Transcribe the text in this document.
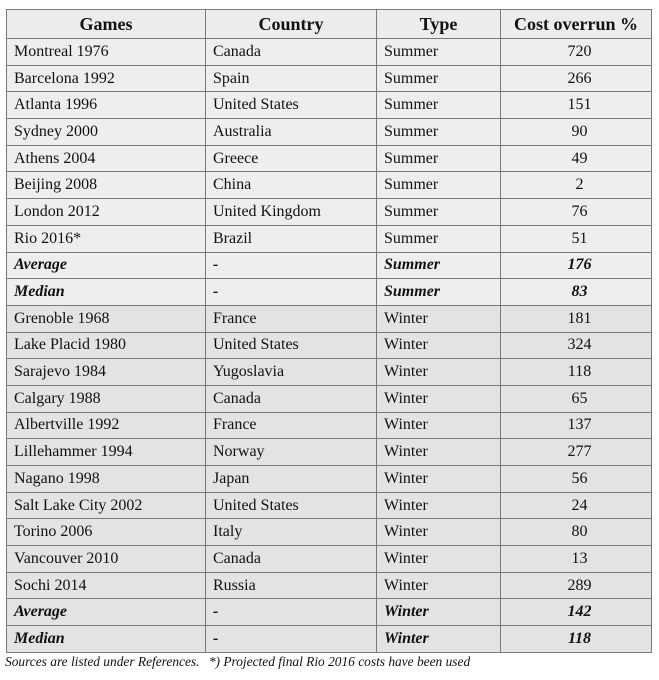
Games	Country	Type	Cost overrun %
Montreal 1976	Canada	Summer	720
Barcelona 1992	Spain	Summer	266
Atlanta 1996	United States	Summer	151
Sydney 2000	Australia	Summer	90
Athens 2004	Greece	Summer	49
Beijing 2008	China	Summer	2
London 2012	United Kingdom	Summer	76
Rio 2016*	Brazil	Summer	51
Average	-	Summer	176
Median	-	Summer	83
Grenoble 1968	France	Winter	181
Lake Placid 1980	United States	Winter	324
Sarajevo 1984	Yugoslavia	Winter	118
Calgary 1988	Canada	Winter	65
Albertville 1992	France	Winter	137
Lillehammer 1994	Norway	Winter	277
Nagano 1998	Japan	Winter	56
Salt Lake City 2002	United States	Winter	24
Torino 2006	Italy	Winter	80
Vancouver 2010	Canada	Winter	13
Sochi 2014	Russia	Winter	289
Average	-	Winter	142
Median	-	Winter	118
Sources are listed under References. *) Projected final Rio 2016 costs have been used
